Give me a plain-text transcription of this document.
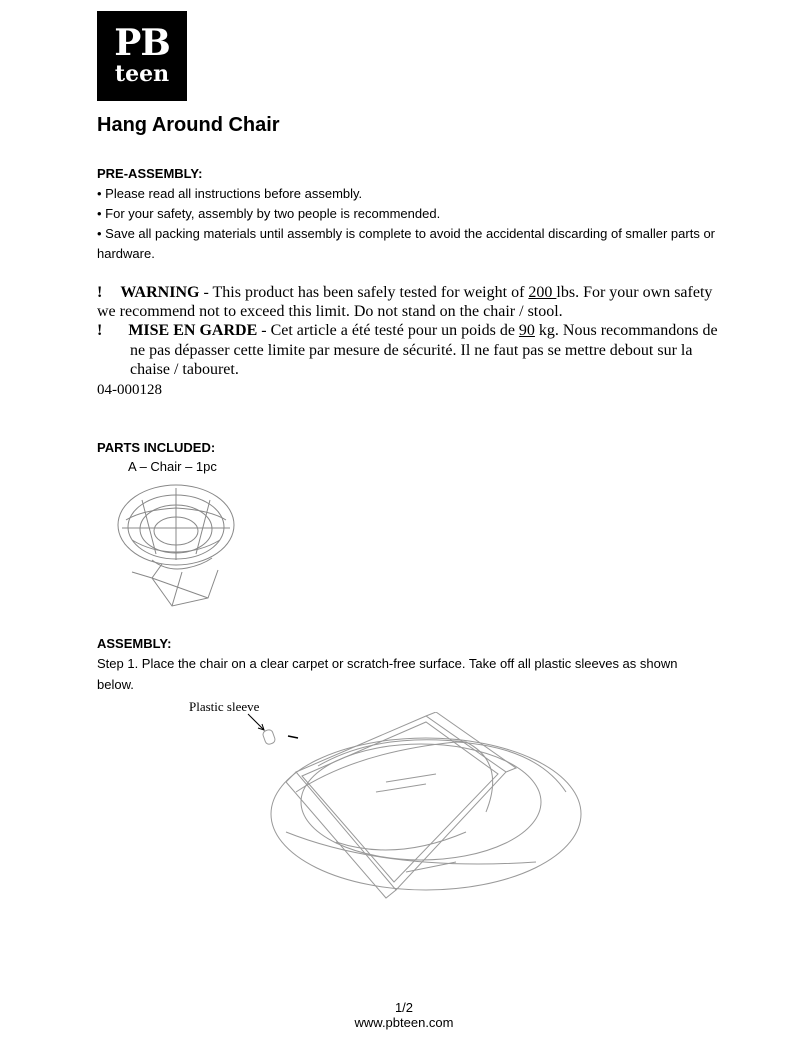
PB
teen
Hang Around Chair

PRE-ASSEMBLY:

• Please read all instructions before assembly.

• For your safety, assembly by two people is recommended.

• Save all packing materials until assembly is complete to avoid the accidental discarding of smaller parts or

hardware.

! WARNING - This product has been safely tested for weight of 200 lbs. For your own safety

we recommend not to exceed this limit. Do not stand on the chair / stool.

! MISE EN GARDE - Cet article a été testé pour un poids de 90 kg. Nous recommandons de

ne pas dépasser cette limite par mesure de sécurité. Il ne faut pas se mettre debout sur la

chaise / tabouret.

04-000128

PARTS INCLUDED:

A – Chair – 1pc

ASSEMBLY:

Step 1. Place the chair on a clear carpet or scratch-free surface. Take off all plastic sleeves as shown

below.

Plastic sleeve

1/2

www.pbteen.com
